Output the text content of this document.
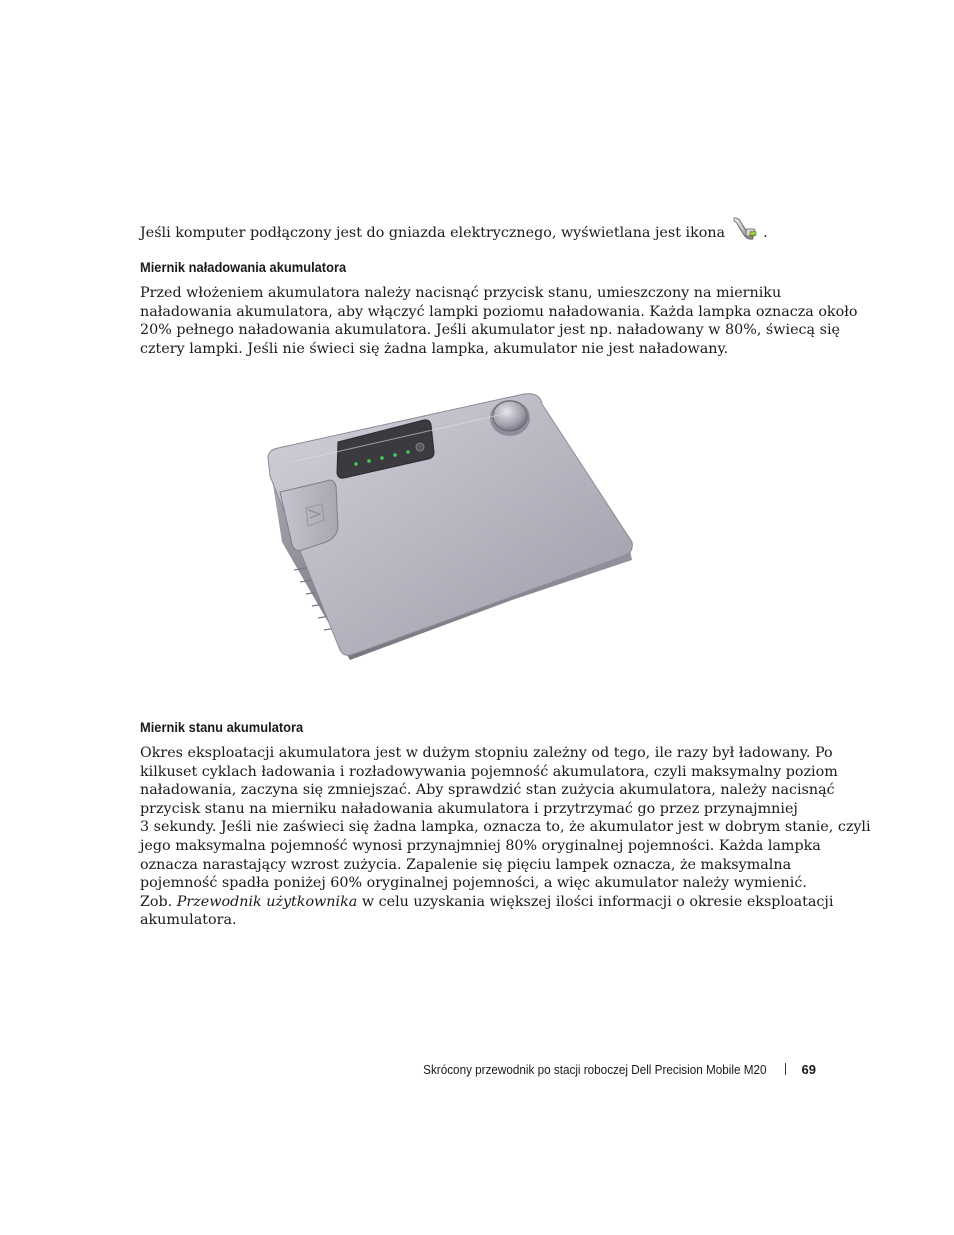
Jeśli komputer podłączony jest do gniazda elektrycznego, wyświetlana jest ikona	.

Miernik naładowania akumulatora

Przed włożeniem akumulatora należy nacisnąć przycisk stanu, umieszczony na mierniku
naładowania akumulatora, aby włączyć lampki poziomu naładowania. Każda lampka oznacza około
20% pełnego naładowania akumulatora. Jeśli akumulator jest np. naładowany w 80%, świecą się
cztery lampki. Jeśli nie świeci się żadna lampka, akumulator nie jest naładowany.

Miernik stanu akumulatora

Okres eksploatacji akumulatora jest w dużym stopniu zależny od tego, ile razy był ładowany. Po
kilkuset cyklach ładowania i rozładowywania pojemność akumulatora, czyli maksymalny poziom
naładowania, zaczyna się zmniejszać. Aby sprawdzić stan zużycia akumulatora, należy nacisnąć
przycisk stanu na mierniku naładowania akumulatora i przytrzymać go przez przynajmniej
3 sekundy. Jeśli nie zaświeci się żadna lampka, oznacza to, że akumulator jest w dobrym stanie, czyli
jego maksymalna pojemność wynosi przynajmniej 80% oryginalnej pojemności. Każda lampka
oznacza narastający wzrost zużycia. Zapalenie się pięciu lampek oznacza, że maksymalna
pojemność spadła poniżej 60% oryginalnej pojemności, a więc akumulator należy wymienić.
Zob. Przewodnik użytkownika w celu uzyskania większej ilości informacji o okresie eksploatacji
akumulatora.

Skrócony przewodnik po stacji roboczej Dell Precision Mobile M20	69
